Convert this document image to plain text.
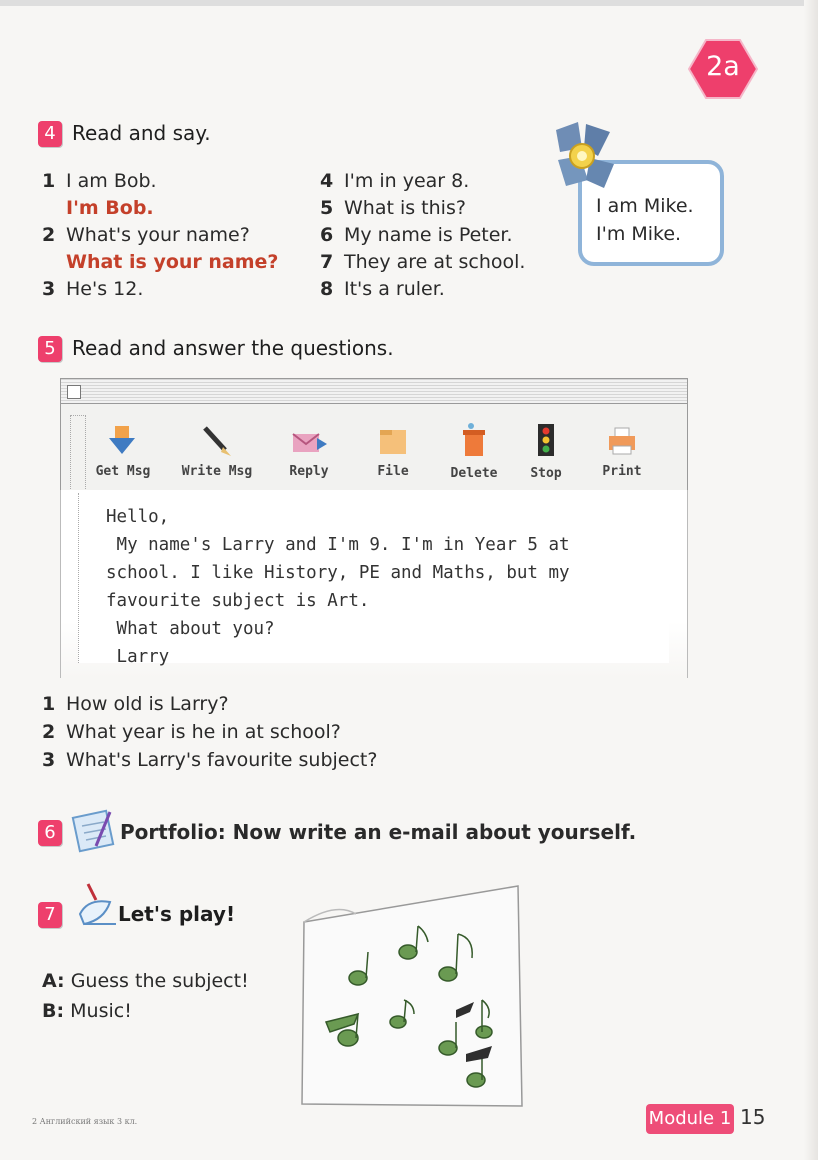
2a
4 Read and say.
1 I am Bob.
I'm Bob.
2 What's your name?
What is your name?
3 He's 12.
4 I'm in year 8.
5 What is this?
6 My name is Peter.
7 They are at school.
8 It's a ruler.
I am Mike.
I'm Mike.
5 Read and answer the questions.
Get Msg	Write Msg	Reply	File	Delete	Stop	Print
Hello,
My name's Larry and I'm 9. I'm in Year 5 at
school. I like History, PE and Maths, but my
favourite subject is Art.
What about you?
Larry
1 How old is Larry?
2 What year is he in at school?
3 What's Larry's favourite subject?
6	Portfolio: Now write an e-mail about yourself.
7	Let's play!
A: Guess the subject!
B: Music!
2 Английский язык 3 кл.	Module 1 15
